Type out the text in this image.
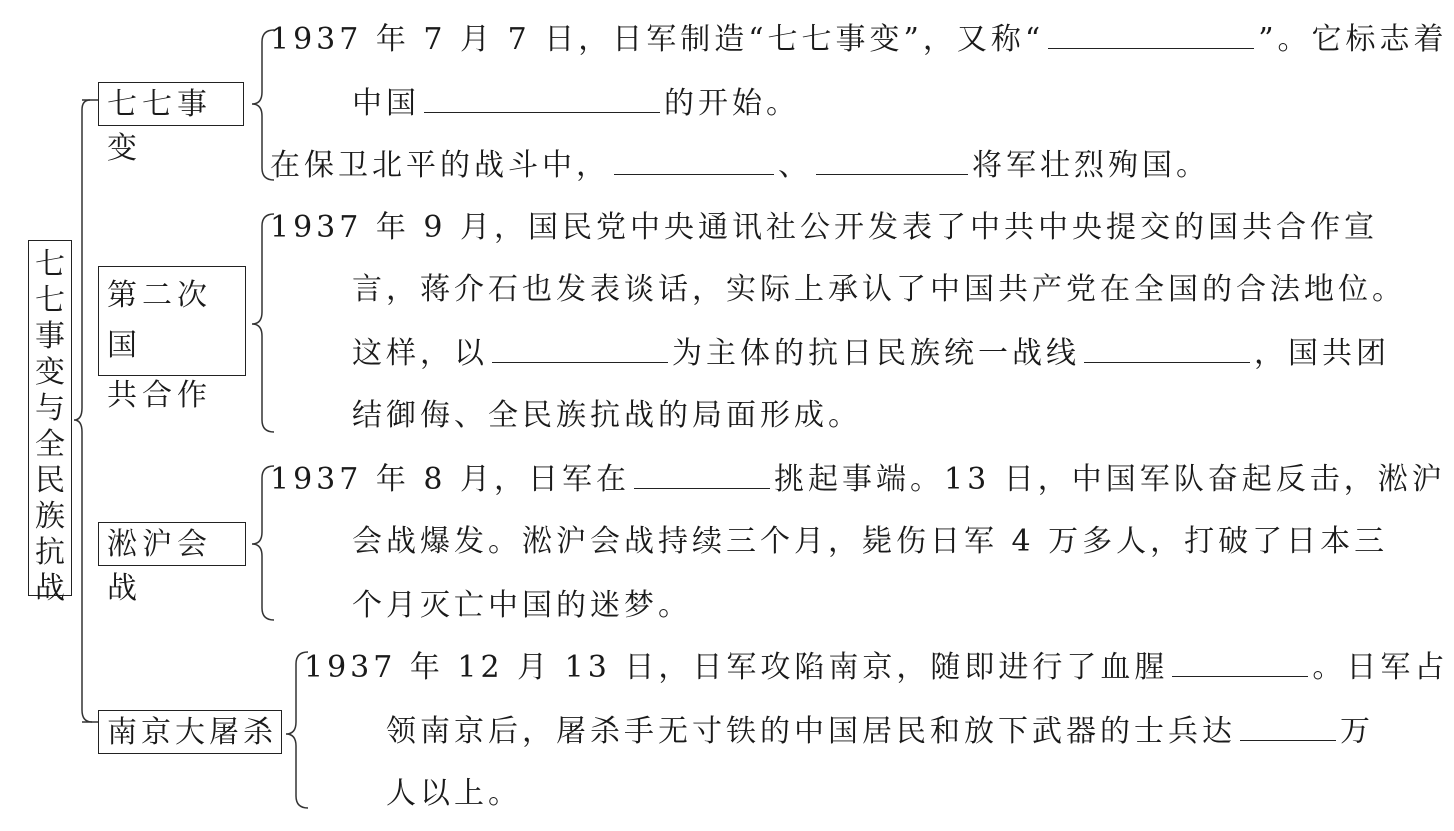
七
七
事
变
与
全
民
族
抗
战
七七事变
第二次国
共合作
淞沪会战
南京大屠杀
1937 年 7 月 7 日，日军制造“七七事变”，又称“	”。它标志着
中国	的开始。
在保卫北平的战斗中，	、	将军壮烈殉国。
1937 年 9 月，国民党中央通讯社公开发表了中共中央提交的国共合作宣
言，蒋介石也发表谈话，实际上承认了中国共产党在全国的合法地位。
这样，以	为主体的抗日民族统一战线	，国共团
结御侮、全民族抗战的局面形成。
1937 年 8 月，日军在	挑起事端。13 日，中国军队奋起反击，淞沪
会战爆发。淞沪会战持续三个月，毙伤日军 4 万多人，打破了日本三
个月灭亡中国的迷梦。
1937 年 12 月 13 日，日军攻陷南京，随即进行了血腥	。日军占
领南京后，屠杀手无寸铁的中国居民和放下武器的士兵达	万
人以上。
